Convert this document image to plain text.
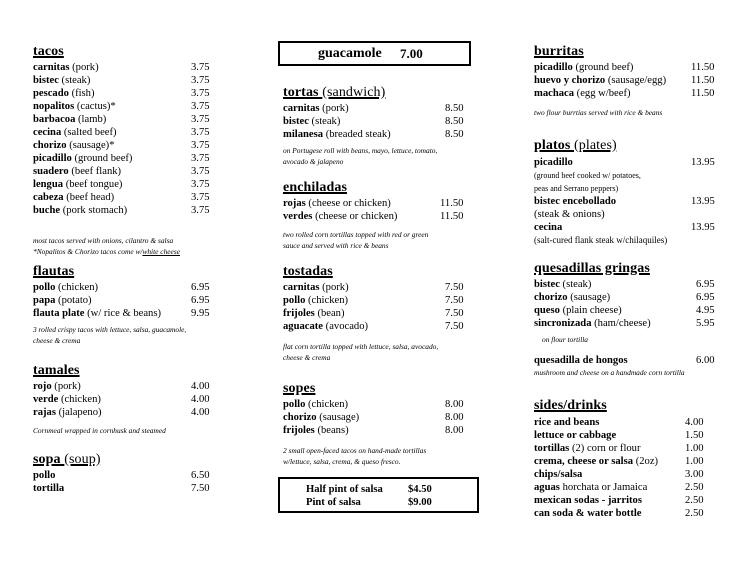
tacos
carnitas (pork)	3.75
bistec (steak)	3.75
pescado (fish)	3.75
nopalitos (cactus)*	3.75
barbacoa (lamb)	3.75
cecina (salted beef)	3.75
chorizo (sausage)*	3.75
picadillo (ground beef)	3.75
suadero (beef flank)	3.75
lengua (beef tongue)	3.75
cabeza (beef head)	3.75
buche (pork stomach)	3.75
most tacos served with onions, cilantro & salsa
*Nopalitos & Chorizo tacos come w/white cheese
flautas
pollo (chicken)	6.95
papa (potato)	6.95
flauta plate (w/ rice & beans)	9.95
3 rolled crispy tacos with lettuce, salsa, guacamole,
cheese & crema
tamales
rojo (pork)	4.00
verde (chicken)	4.00
rajas (jalapeno)	4.00
Cornmeal wrapped in cornhusk and steamed
sopa (soup)
pollo	6.50
tortilla	7.50
guacamole 7.00
tortas (sandwich)
carnitas (pork)	8.50
bistec (steak)	8.50
milanesa (breaded steak)	8.50
on Portugese roll with beans, mayo, lettuce, tomato,
avocado & jalapeno
enchiladas
rojas (cheese or chicken)	11.50
verdes (cheese or chicken)	11.50
two rolled corn tortillas topped with red or green
sauce and served with rice & beans
tostadas
carnitas (pork)	7.50
pollo (chicken)	7.50
frijoles (bean)	7.50
aguacate (avocado)	7.50
flat corn tortilla topped with lettuce, salsa, avocado,
cheese & crema
sopes
pollo (chicken)	8.00
chorizo (sausage)	8.00
frijoles (beans)	8.00
2 small open-faced tacos on hand-made tortillas
w/lettuce, salsa, crema, & queso fresco.
Half pint of salsa $4.50
Pint of salsa	$9.00
burritas
picadillo (ground beef)	11.50
huevo y chorizo (sausage/egg) 11.50
machaca (egg w/beef)	11.50
two flour burrtias served with rice & beans
platos (plates)
picadillo	13.95
(ground beef cooked w/ potatoes,
peas and Serrano peppers)
bistec encebollado	13.95
(steak & onions)
cecina	13.95
(salt-cured flank steak w/chilaquiles)
quesadillas gringas
bistec (steak)	6.95
chorizo (sausage)	6.95
queso (plain cheese)	4.95
sincronizada (ham/cheese)	5.95
on flour tortilla
quesadilla de hongos	6.00
mushroom and cheese on a handmade corn tortilla
sides/drinks
rice and beans	4.00
lettuce or cabbage	1.50
tortillas (2) corn or flour	1.00
crema, cheese or salsa (2oz)	1.00
chips/salsa	3.00
aguas horchata or Jamaica	2.50
mexican sodas - jarritos	2.50
can soda & water bottle	2.50
